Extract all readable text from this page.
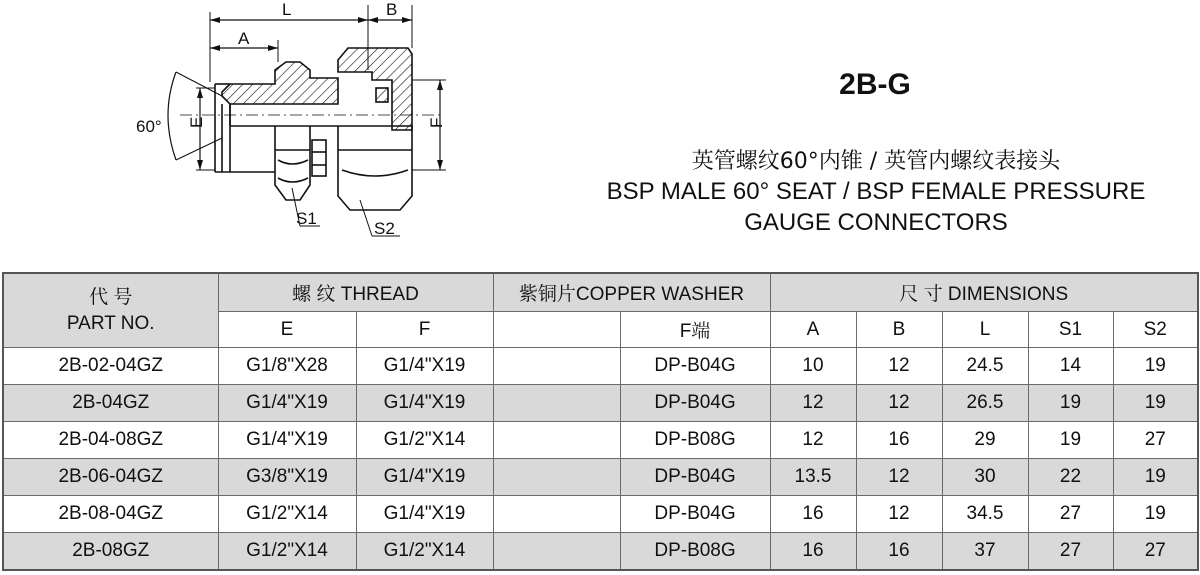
L	B
A
60° E	F
S1
S2
2B-G
英管螺纹60°内锥 / 英管内螺纹表接头
BSP MALE 60° SEAT / BSP FEMALE PRESSURE
GAUGE CONNECTORS
代 号
PART NO.	螺 纹 THREAD		紫铜片COPPER WASHER		尺 寸 DIMENSIONS				
	E	F		F端	A	B	L	S1	S2
2B-02-04GZ	G1/8"X28	G1/4"X19		DP-B04G	10	12	24.5	14	19
2B-04GZ	G1/4"X19	G1/4"X19		DP-B04G	12	12	26.5	19	19
2B-04-08GZ	G1/4"X19	G1/2"X14		DP-B08G	12	16	29	19	27
2B-06-04GZ	G3/8"X19	G1/4"X19		DP-B04G	13.5	12	30	22	19
2B-08-04GZ	G1/2"X14	G1/4"X19		DP-B04G	16	12	34.5	27	19
2B-08GZ	G1/2"X14	G1/2"X14		DP-B08G	16	16	37	27	27
